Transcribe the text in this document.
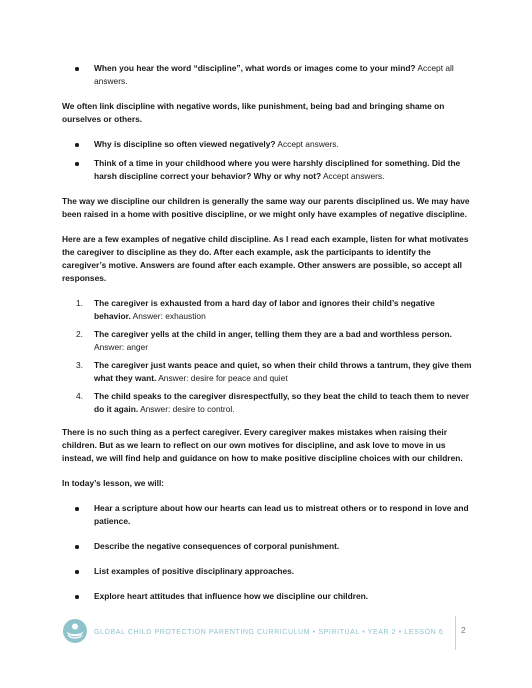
When you hear the word “discipline”, what words or images come to your mind? Accept all answers.

We often link discipline with negative words, like punishment, being bad and bringing shame on ourselves or others.

Why is discipline so often viewed negatively? Accept answers.
Think of a time in your childhood where you were harshly disciplined for something. Did the harsh discipline correct your behavior? Why or why not? Accept answers.

The way we discipline our children is generally the same way our parents disciplined us. We may have been raised in a home with positive discipline, or we might only have examples of negative discipline.

Here are a few examples of negative child discipline. As I read each example, listen for what motivates the caregiver to discipline as they do. After each example, ask the participants to identify the caregiver’s motive. Answers are found after each example. Other answers are possible, so accept all responses.

1. The caregiver is exhausted from a hard day of labor and ignores their child’s negative behavior. Answer: exhaustion
2. The caregiver yells at the child in anger, telling them they are a bad and worthless person. Answer: anger
3. The caregiver just wants peace and quiet, so when their child throws a tantrum, they give them what they want. Answer: desire for peace and quiet
4. The child speaks to the caregiver disrespectfully, so they beat the child to teach them to never do it again. Answer: desire to control.

There is no such thing as a perfect caregiver. Every caregiver makes mistakes when raising their children. But as we learn to reflect on our own motives for discipline, and ask love to move in us instead, we will find help and guidance on how to make positive discipline choices with our children.

In today’s lesson, we will:

Hear a scripture about how our hearts can lead us to mistreat others or to respond in love and patience.
Describe the negative consequences of corporal punishment.
List examples of positive disciplinary approaches.
Explore heart attitudes that influence how we discipline our children.
GLOBAL CHILD PROTECTION PARENTING CURRICULUM • SPIRITUAL • YEAR 2 • LESSON 6 2
